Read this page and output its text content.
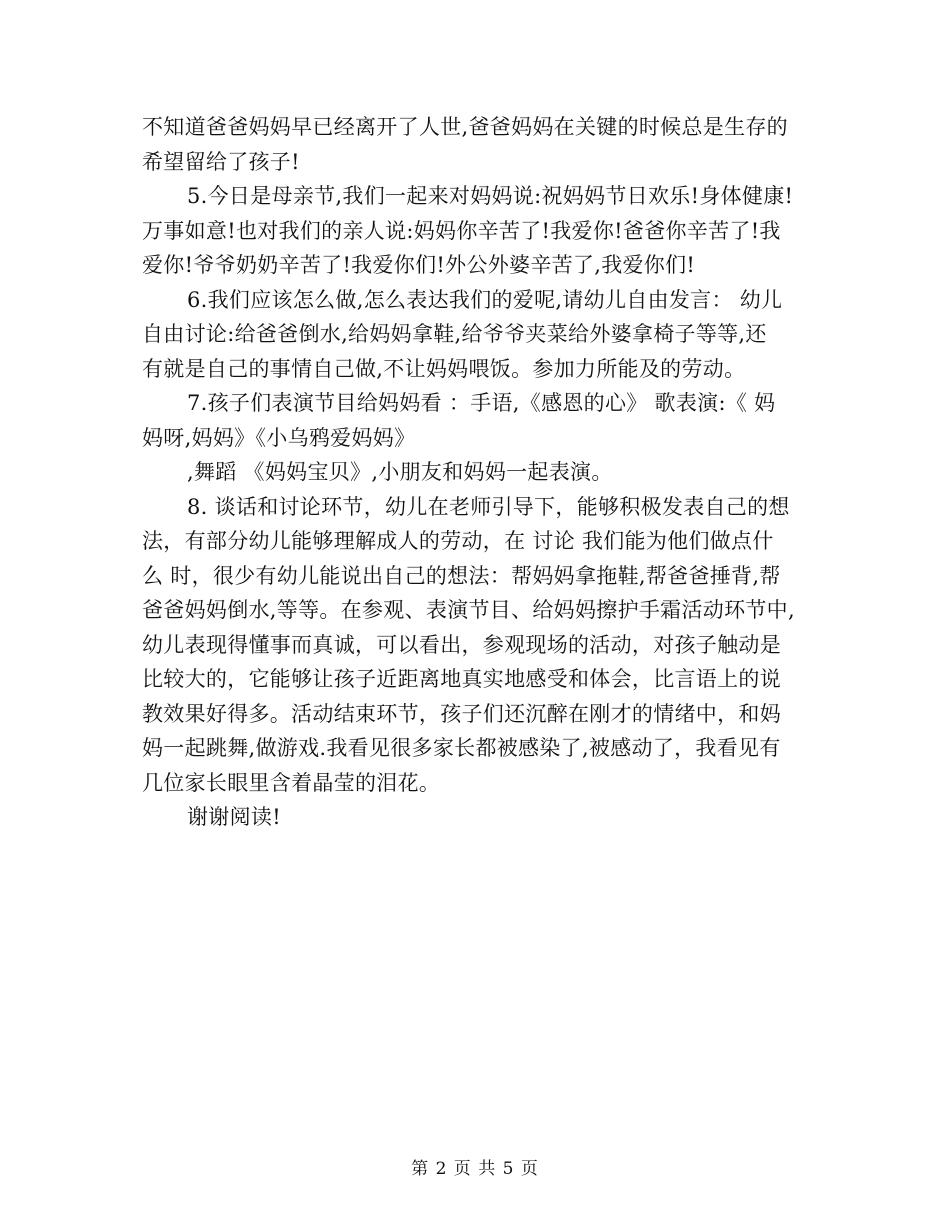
不知道爸爸妈妈早已经离开了人世,爸爸妈妈在关键的时候总是生存的
希望留给了孩子!
5.今日是母亲节,我们一起来对妈妈说:祝妈妈节日欢乐!身体健康!
万事如意!也对我们的亲人说:妈妈你辛苦了!我爱你!爸爸你辛苦了!我
爱你!爷爷奶奶辛苦了!我爱你们!外公外婆辛苦了,我爱你们!
6.我们应该怎么做,怎么表达我们的爱呢,请幼儿自由发言： 幼儿
自由讨论:给爸爸倒水,给妈妈拿鞋,给爷爷夹菜给外婆拿椅子等等,还
有就是自己的事情自己做,不让妈妈喂饭。参加力所能及的劳动。
7.孩子们表演节目给妈妈看 ：手语,《感恩的心》 歌表演:《 妈
妈呀,妈妈》《小乌鸦爱妈妈》
,舞蹈 《妈妈宝贝》,小朋友和妈妈一起表演。
8. 谈话和讨论环节，幼儿在老师引导下，能够积极发表自己的想
法，有部分幼儿能够理解成人的劳动，在 讨论 我们能为他们做点什
么 时，很少有幼儿能说出自己的想法：帮妈妈拿拖鞋,帮爸爸捶背,帮
爸爸妈妈倒水,等等。在参观、表演节目、给妈妈擦护手霜活动环节中,
幼儿表现得懂事而真诚，可以看出，参观现场的活动，对孩子触动是
比较大的，它能够让孩子近距离地真实地感受和体会，比言语上的说
教效果好得多。活动结束环节，孩子们还沉醉在刚才的情绪中，和妈
妈一起跳舞,做游戏.我看见很多家长都被感染了,被感动了，我看见有
几位家长眼里含着晶莹的泪花。
谢谢阅读!
第 2 页 共 5 页
